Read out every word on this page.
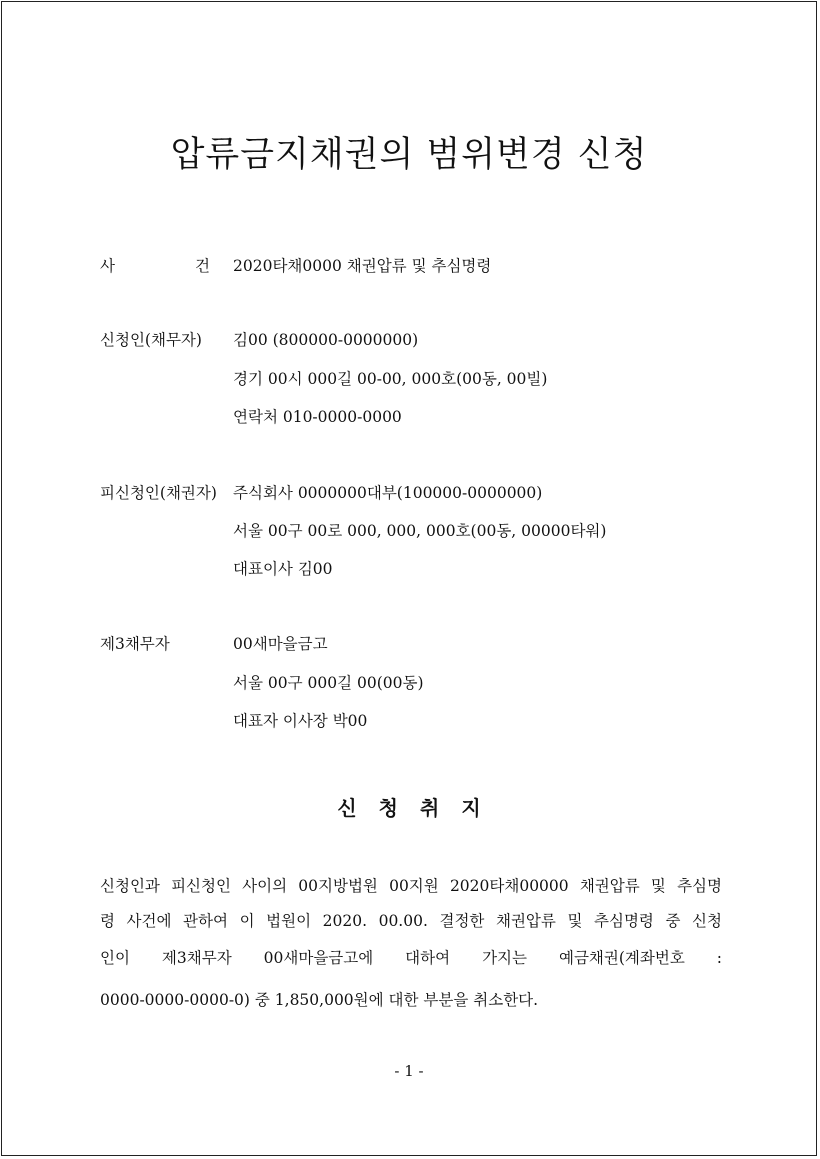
압류금지채권의 범위변경 신청
사	건 2020타채0000 채권압류 및 추심명령
신청인(채무자) 김00 (800000-0000000)
경기 00시 000길 00-00, 000호(00동, 00빌)
연락처 010-0000-0000
피신청인(채권자) 주식회사 0000000대부(100000-0000000)
서울 00구 00로 000, 000, 000호(00동, 00000타워)
대표이사 김00
제3채무자	00새마을금고
서울 00구 000길 00(00동)
대표자 이사장 박00
신청취지
신청인과 피신청인 사이의 00지방법원 00지원 2020타채00000 채권압류 및 추심명
령 사건에 관하여 이 법원이 2020. 00.00. 결정한 채권압류 및 추심명령 중 신청
인이 제3채무자 00새마을금고에 대하여 가지는 예금채권(계좌번호 :
0000-0000-0000-0) 중 1,850,000원에 대한 부분을 취소한다.
- 1 -
